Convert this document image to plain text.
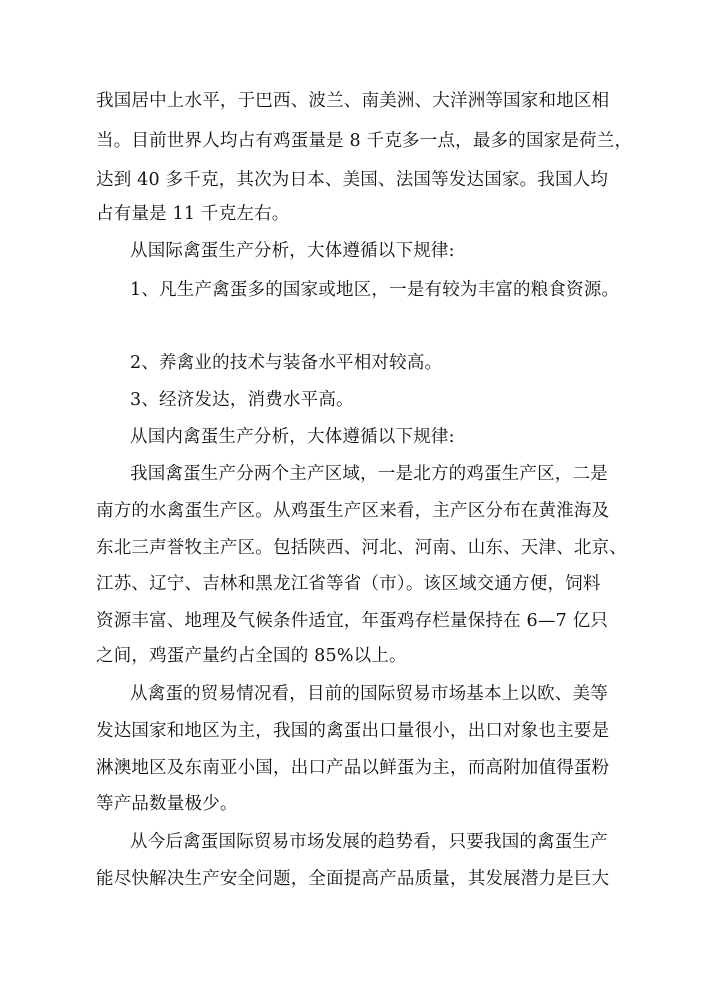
我国居中上水平，于巴西、波兰、南美洲、大洋洲等国家和地区相
当。目前世界人均占有鸡蛋量是 8 千克多一点，最多的国家是荷兰，
达到 40 多千克，其次为日本、美国、法国等发达国家。我国人均
占有量是 11 千克左右。
从国际禽蛋生产分析，大体遵循以下规律:
1、凡生产禽蛋多的国家或地区，一是有较为丰富的粮食资源。
2、养禽业的技术与装备水平相对较高。
3、经济发达，消费水平高。
从国内禽蛋生产分析，大体遵循以下规律:
我国禽蛋生产分两个主产区域，一是北方的鸡蛋生产区，二是
南方的水禽蛋生产区。从鸡蛋生产区来看，主产区分布在黄淮海及
东北三声誉牧主产区。包括陕西、河北、河南、山东、天津、北京、
江苏、辽宁、吉林和黑龙江省等省（市）。该区域交通方便，饲料
资源丰富、地理及气候条件适宜，年蛋鸡存栏量保持在 6—7 亿只
之间，鸡蛋产量约占全国的 85%以上。
从禽蛋的贸易情况看，目前的国际贸易市场基本上以欧、美等
发达国家和地区为主，我国的禽蛋出口量很小，出口对象也主要是
淋澳地区及东南亚小国，出口产品以鲜蛋为主，而高附加值得蛋粉
等产品数量极少。
从今后禽蛋国际贸易市场发展的趋势看，只要我国的禽蛋生产
能尽快解决生产安全问题，全面提高产品质量，其发展潜力是巨大
